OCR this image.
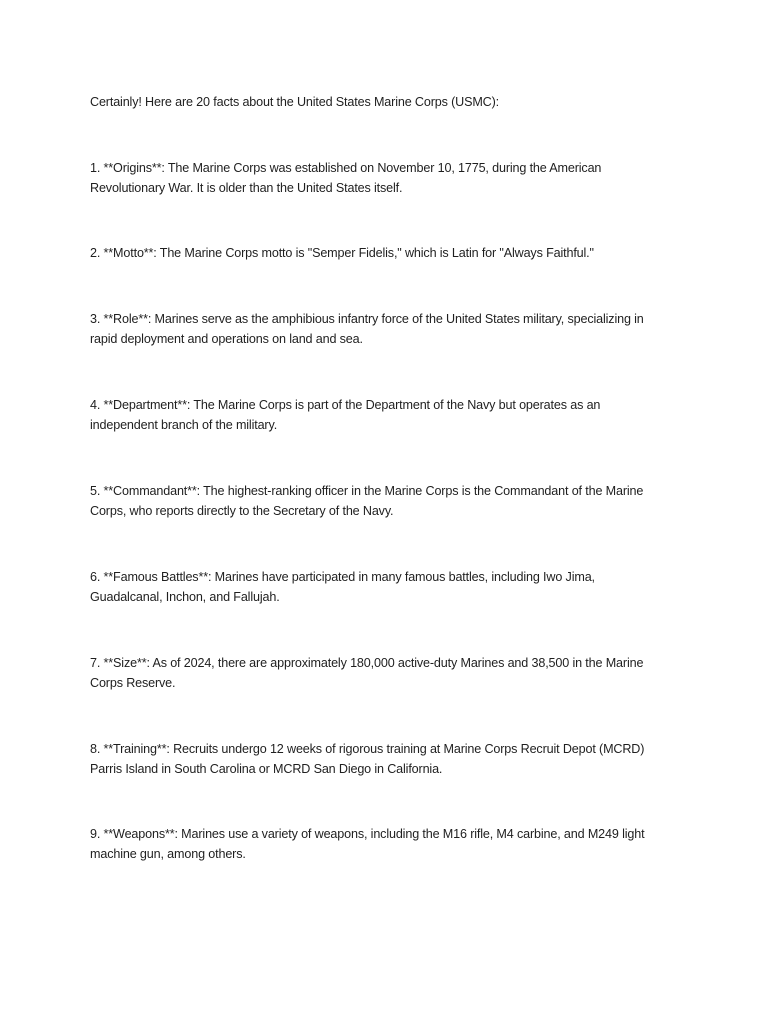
Certainly! Here are 20 facts about the United States Marine Corps (USMC):

1. **Origins**: The Marine Corps was established on November 10, 1775, during the American

Revolutionary War. It is older than the United States itself.

2. **Motto**: The Marine Corps motto is "Semper Fidelis," which is Latin for "Always Faithful."

3. **Role**: Marines serve as the amphibious infantry force of the United States military, specializing in

rapid deployment and operations on land and sea.

4. **Department**: The Marine Corps is part of the Department of the Navy but operates as an

independent branch of the military.

5. **Commandant**: The highest-ranking officer in the Marine Corps is the Commandant of the Marine

Corps, who reports directly to the Secretary of the Navy.

6. **Famous Battles**: Marines have participated in many famous battles, including Iwo Jima,

Guadalcanal, Inchon, and Fallujah.

7. **Size**: As of 2024, there are approximately 180,000 active-duty Marines and 38,500 in the Marine

Corps Reserve.

8. **Training**: Recruits undergo 12 weeks of rigorous training at Marine Corps Recruit Depot (MCRD)

Parris Island in South Carolina or MCRD San Diego in California.

9. **Weapons**: Marines use a variety of weapons, including the M16 rifle, M4 carbine, and M249 light

machine gun, among others.
